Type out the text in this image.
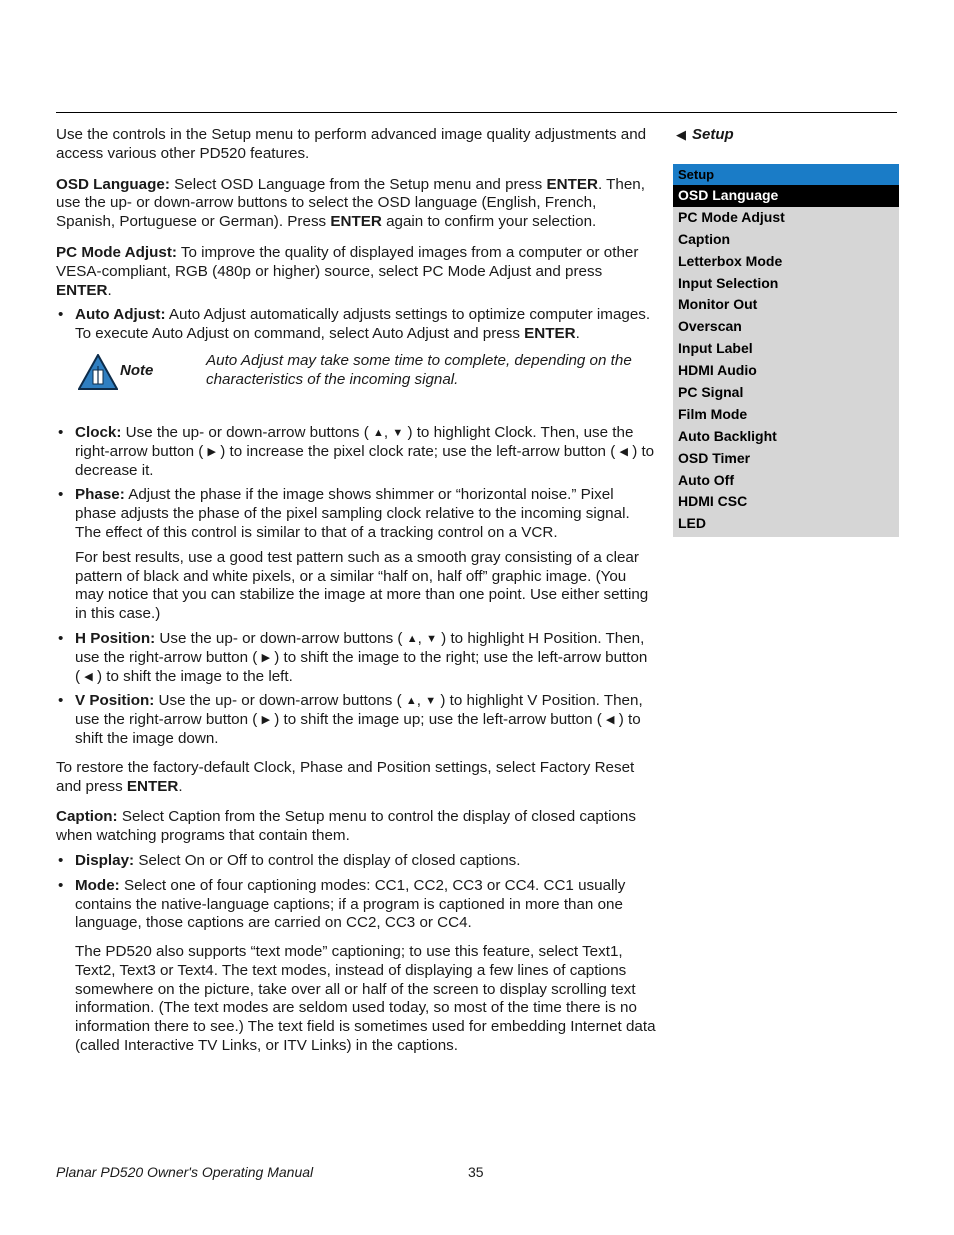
Use the controls in the Setup menu to perform advanced image quality adjustments and access various other PD520 features.

OSD Language: Select OSD Language from the Setup menu and press ENTER. Then, use the up- or down-arrow buttons to select the OSD language (English, French, Spanish, Portuguese or German). Press ENTER again to confirm your selection.

PC Mode Adjust: To improve the quality of displayed images from a computer or other VESA-compliant, RGB (480p or higher) source, select PC Mode Adjust and press ENTER.

• Auto Adjust: Auto Adjust automatically adjusts settings to optimize computer images. To execute Auto Adjust on command, select Auto Adjust and press ENTER.
Note
Auto Adjust may take some time to complete, depending on the characteristics of the incoming signal.
• Clock: Use the up- or down-arrow buttons ( ▲, ▼ ) to highlight Clock. Then, use the right-arrow button ( ▶ ) to increase the pixel clock rate; use the left-arrow button ( ◀ ) to decrease it.
• Phase: Adjust the phase if the image shows shimmer or “horizontal noise.” Pixel phase adjusts the phase of the pixel sampling clock relative to the incoming signal. The effect of this control is similar to that of a tracking control on a VCR.

For best results, use a good test pattern such as a smooth gray consisting of a clear pattern of black and white pixels, or a similar “half on, half off” graphic image. (You may notice that you can stabilize the image at more than one point. Use either setting in this case.)

• H Position: Use the up- or down-arrow buttons ( ▲, ▼ ) to highlight H Position. Then, use the right-arrow button ( ▶ ) to shift the image to the right; use the left-arrow button ( ◀ ) to shift the image to the left.
• V Position: Use the up- or down-arrow buttons ( ▲, ▼ ) to highlight V Position. Then, use the right-arrow button ( ▶ ) to shift the image up; use the left-arrow button ( ◀ ) to shift the image down.

To restore the factory-default Clock, Phase and Position settings, select Factory Reset and press ENTER.

Caption: Select Caption from the Setup menu to control the display of closed captions when watching programs that contain them.

• Display: Select On or Off to control the display of closed captions.
• Mode: Select one of four captioning modes: CC1, CC2, CC3 or CC4. CC1 usually contains the native-language captions; if a program is captioned in more than one language, those captions are carried on CC2, CC3 or CC4.

The PD520 also supports “text mode” captioning; to use this feature, select Text1, Text2, Text3 or Text4. The text modes, instead of displaying a few lines of captions somewhere on the picture, take over all or half of the screen to display scrolling text information. (The text modes are seldom used today, so most of the time there is no information there to see.) The text field is sometimes used for embedding Internet data (called Interactive TV Links, or ITV Links) in the captions.

◀ Setup
Setup
OSD Language
PC Mode Adjust
Caption
Letterbox Mode
Input Selection
Monitor Out
Overscan
Input Label
HDMI Audio
PC Signal
Film Mode
Auto Backlight
OSD Timer
Auto Off
HDMI CSC
LED
Planar PD520 Owner's Operating Manual	35
